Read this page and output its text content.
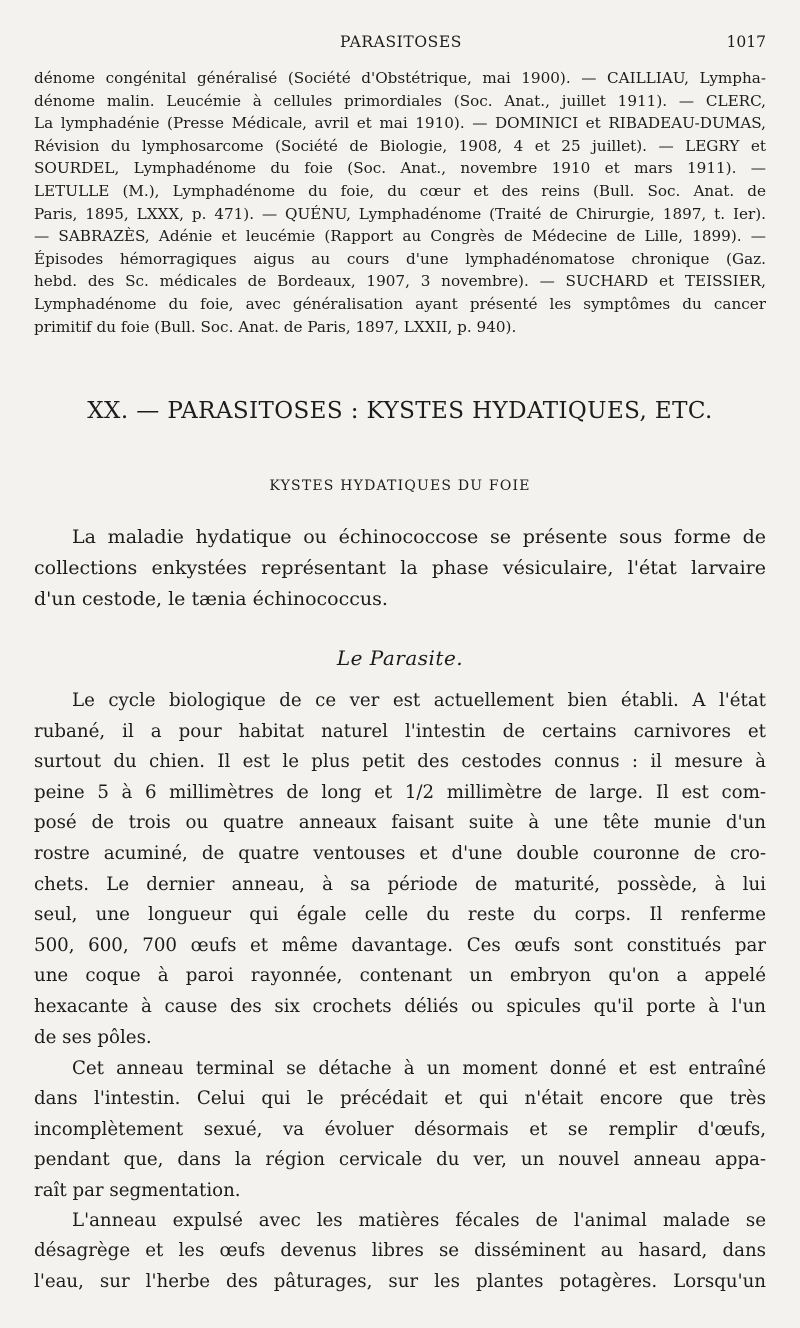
PARASITOSES	1017
dénome congénital généralisé (Société d'Obstétrique, mai 1900). — CAILLIAU, Lympha-
dénome malin. Leucémie à cellules primordiales (Soc. Anat., juillet 1911). — CLERC,
La lymphadénie (Presse Médicale, avril et mai 1910). — DOMINICI et RIBADEAU-DUMAS,
Révision du lymphosarcome (Société de Biologie, 1908, 4 et 25 juillet). — LEGRY et
SOURDEL, Lymphadénome du foie (Soc. Anat., novembre 1910 et mars 1911). —
LETULLE (M.), Lymphadénome du foie, du cœur et des reins (Bull. Soc. Anat. de
Paris, 1895, LXXX, p. 471). — QUÉNU, Lymphadénome (Traité de Chirurgie, 1897, t. Ier).
— SABRAZÈS, Adénie et leucémie (Rapport au Congrès de Médecine de Lille, 1899). —
Épisodes hémorragiques aigus au cours d'une lymphadénomatose chronique (Gaz.
hebd. des Sc. médicales de Bordeaux, 1907, 3 novembre). — SUCHARD et TEISSIER,
Lymphadénome du foie, avec généralisation ayant présenté les symptômes du cancer
primitif du foie (Bull. Soc. Anat. de Paris, 1897, LXXII, p. 940).
XX. — PARASITOSES : KYSTES HYDATIQUES, ETC.
KYSTES HYDATIQUES DU FOIE
La maladie hydatique ou échinococcose se présente sous forme de
collections enkystées représentant la phase vésiculaire, l'état larvaire
d'un cestode, le tænia échinococcus.
Le Parasite.
Le cycle biologique de ce ver est actuellement bien établi. A l'état
rubané, il a pour habitat naturel l'intestin de certains carnivores et
surtout du chien. Il est le plus petit des cestodes connus : il mesure à
peine 5 à 6 millimètres de long et 1/2 millimètre de large. Il est com-
posé de trois ou quatre anneaux faisant suite à une tête munie d'un
rostre acuminé, de quatre ventouses et d'une double couronne de cro-
chets. Le dernier anneau, à sa période de maturité, possède, à lui
seul, une longueur qui égale celle du reste du corps. Il renferme
500, 600, 700 œufs et même davantage. Ces œufs sont constitués par
une coque à paroi rayonnée, contenant un embryon qu'on a appelé
hexacante à cause des six crochets déliés ou spicules qu'il porte à l'un
de ses pôles.
Cet anneau terminal se détache à un moment donné et est entraîné
dans l'intestin. Celui qui le précédait et qui n'était encore que très
incomplètement sexué, va évoluer désormais et se remplir d'œufs,
pendant que, dans la région cervicale du ver, un nouvel anneau appa-
raît par segmentation.
L'anneau expulsé avec les matières fécales de l'animal malade se
désagrège et les œufs devenus libres se disséminent au hasard, dans
l'eau, sur l'herbe des pâturages, sur les plantes potagères. Lorsqu'un
